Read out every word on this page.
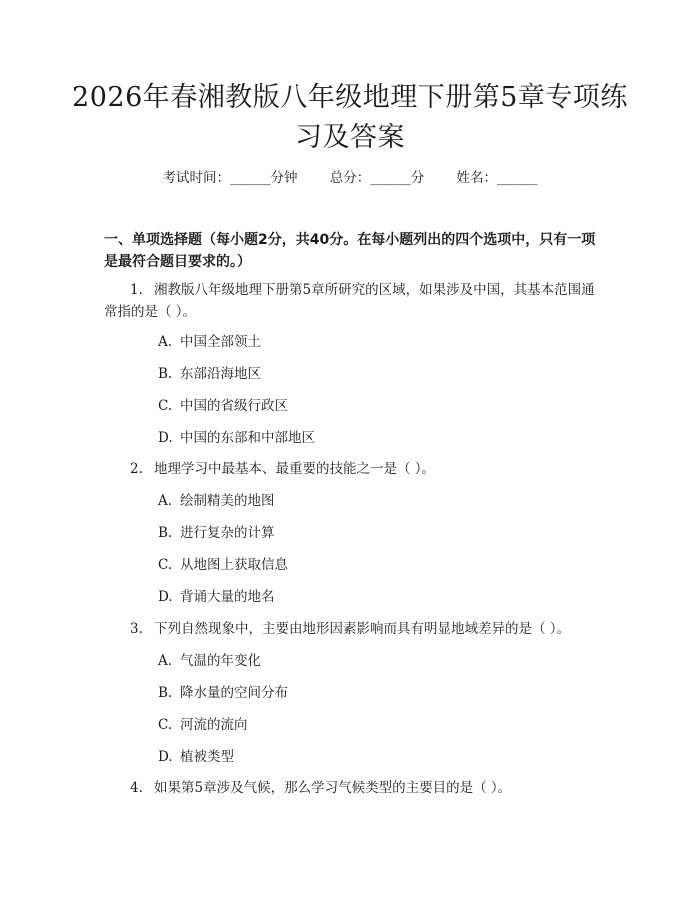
2026年春湘教版八年级地理下册第5章专项练习及答案
考试时间：______分钟 总分：______分 姓名：______
一、单项选择题（每小题2分，共40分。在每小题列出的四个选项中，只有一项是最符合题目要求的。）
1. 湘教版八年级地理下册第5章所研究的区域，如果涉及中国，其基本范围通常指的是（ ）。
A. 中国全部领土
B. 东部沿海地区
C. 中国的省级行政区
D. 中国的东部和中部地区
2. 地理学习中最基本、最重要的技能之一是（ ）。
A. 绘制精美的地图
B. 进行复杂的计算
C. 从地图上获取信息
D. 背诵大量的地名
3. 下列自然现象中，主要由地形因素影响而具有明显地域差异的是（ ）。
A. 气温的年变化
B. 降水量的空间分布
C. 河流的流向
D. 植被类型
4. 如果第5章涉及气候，那么学习气候类型的主要目的是（ ）。
